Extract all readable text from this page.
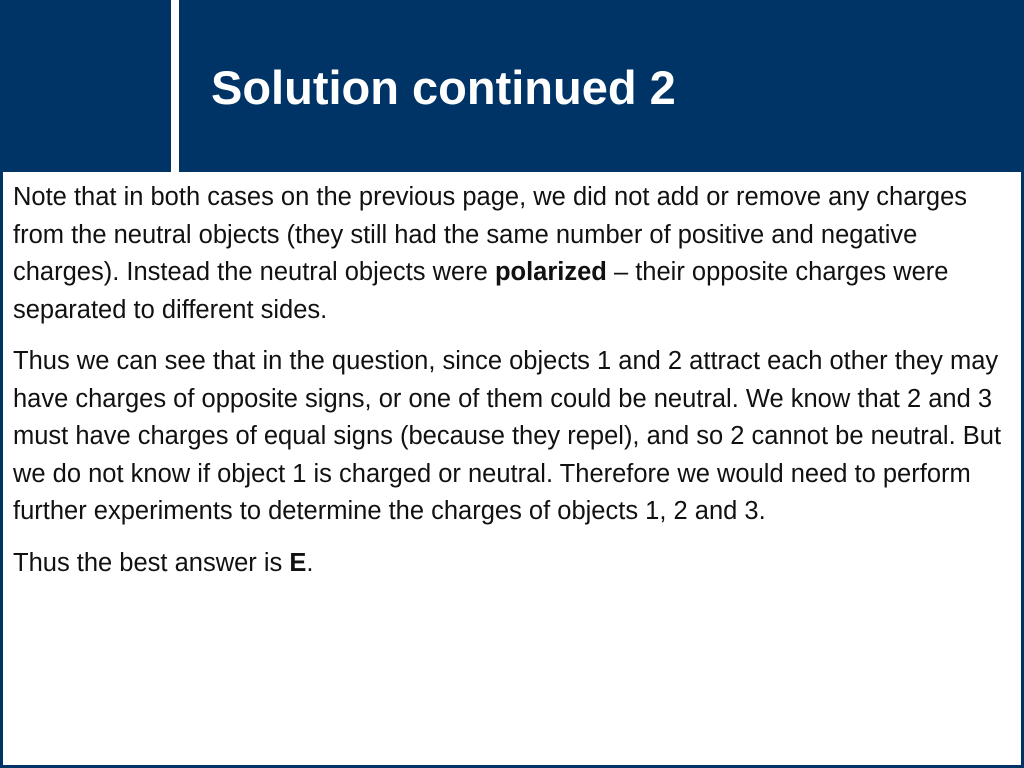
Solution continued 2

Note that in both cases on the previous page, we did not add or remove any charges from the neutral objects (they still had the same number of positive and negative charges). Instead the neutral objects were polarized – their opposite charges were separated to different sides.

Thus we can see that in the question, since objects 1 and 2 attract each other they may have charges of opposite signs, or one of them could be neutral. We know that 2 and 3 must have charges of equal signs (because they repel), and so 2 cannot be neutral. But we do not know if object 1 is charged or neutral. Therefore we would need to perform further experiments to determine the charges of objects 1, 2 and 3.

Thus the best answer is E.
